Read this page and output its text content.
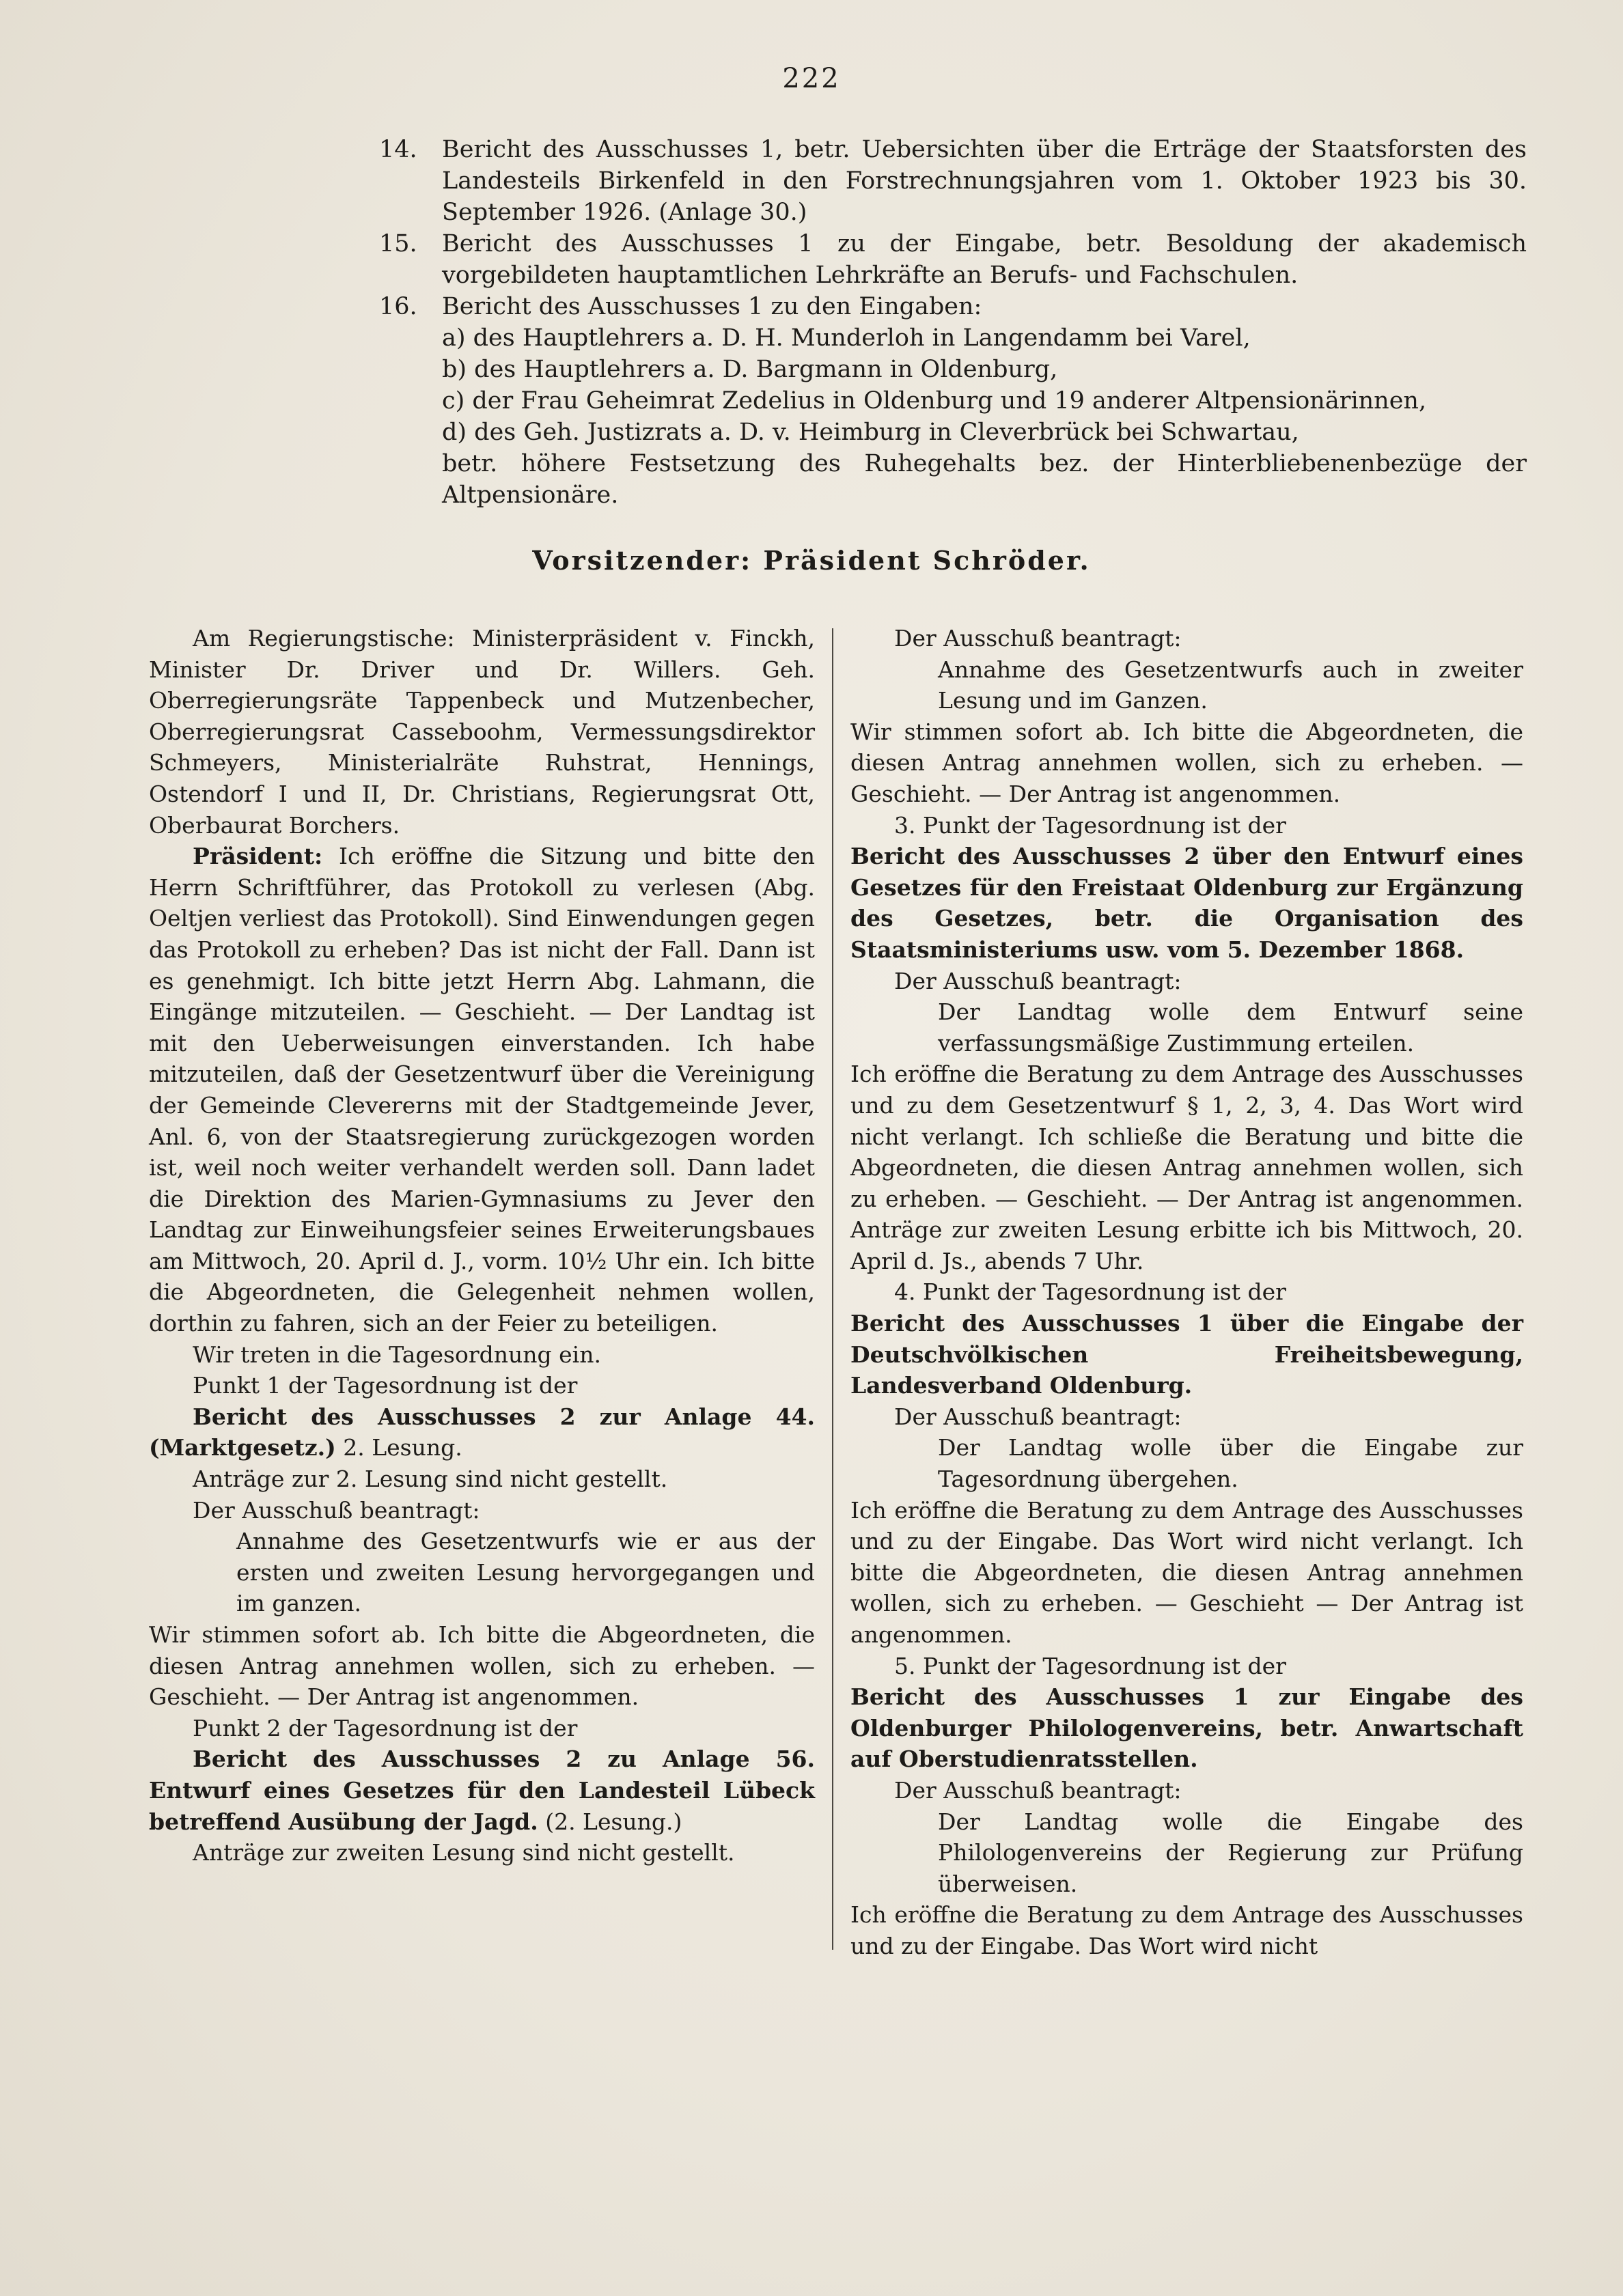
222
14.	Bericht des Ausschusses 1, betr. Uebersichten über die Erträge der Staatsforsten des Landesteils Birkenfeld in den Forstrechnungsjahren vom 1. Oktober 1923 bis 30. September 1926. (Anlage 30.)
15.	Bericht des Ausschusses 1 zu der Eingabe, betr. Besoldung der akademisch vorgebildeten hauptamtlichen Lehrkräfte an Berufs- und Fachschulen.
16.	Bericht des Ausschusses 1 zu den Eingaben:
a) des Hauptlehrers a. D. H. Munderloh in Langendamm bei Varel,
b) des Hauptlehrers a. D. Bargmann in Oldenburg,
c) der Frau Geheimrat Zedelius in Oldenburg und 19 anderer Altpensionärinnen,
d) des Geh. Justizrats a. D. v. Heimburg in Cleverbrück bei Schwartau,
betr. höhere Festsetzung des Ruhegehalts bez. der Hinterbliebenenbezüge der Altpensionäre.
Vorsitzender: Präsident Schröder.

Am Regierungstische: Ministerpräsident v. Finckh, Minister Dr. Driver und Dr. Willers. Geh. Oberregierungsräte Tappenbeck und Mutzenbecher, Oberregierungsrat Casseboohm, Vermessungsdirektor Schmeyers, Ministerialräte Ruhstrat, Hennings, Ostendorf I und II, Dr. Christians, Regierungsrat Ott, Oberbaurat Borchers.

Präsident: Ich eröffne die Sitzung und bitte den Herrn Schriftführer, das Protokoll zu verlesen (Abg. Oeltjen verliest das Protokoll). Sind Einwendungen gegen das Protokoll zu erheben? Das ist nicht der Fall. Dann ist es genehmigt. Ich bitte jetzt Herrn Abg. Lahmann, die Eingänge mitzuteilen. — Geschieht. — Der Landtag ist mit den Ueberweisungen einverstanden. Ich habe mitzuteilen, daß der Gesetzentwurf über die Vereinigung der Gemeinde Clevererns mit der Stadtgemeinde Jever, Anl. 6, von der Staatsregierung zurückgezogen worden ist, weil noch weiter verhandelt werden soll. Dann ladet die Direktion des Marien-Gymnasiums zu Jever den Landtag zur Einweihungsfeier seines Erweiterungsbaues am Mittwoch, 20. April d. J., vorm. 10½ Uhr ein. Ich bitte die Abgeordneten, die Gelegenheit nehmen wollen, dorthin zu fahren, sich an der Feier zu beteiligen.

Wir treten in die Tagesordnung ein.

Punkt 1 der Tagesordnung ist der

Bericht des Ausschusses 2 zur Anlage 44. (Marktgesetz.) 2. Lesung.

Anträge zur 2. Lesung sind nicht gestellt.

Der Ausschuß beantragt:

Annahme des Gesetzentwurfs wie er aus der ersten und zweiten Lesung hervorgegangen und im ganzen.

Wir stimmen sofort ab. Ich bitte die Abgeordneten, die diesen Antrag annehmen wollen, sich zu erheben. — Geschieht. — Der Antrag ist angenommen.

Punkt 2 der Tagesordnung ist der

Bericht des Ausschusses 2 zu Anlage 56. Entwurf eines Gesetzes für den Landesteil Lübeck betreffend Ausübung der Jagd. (2. Lesung.)

Anträge zur zweiten Lesung sind nicht gestellt.

Der Ausschuß beantragt:

Annahme des Gesetzentwurfs auch in zweiter Lesung und im Ganzen.

Wir stimmen sofort ab. Ich bitte die Abgeordneten, die diesen Antrag annehmen wollen, sich zu erheben. — Geschieht. — Der Antrag ist angenommen.

3. Punkt der Tagesordnung ist der

Bericht des Ausschusses 2 über den Entwurf eines Gesetzes für den Freistaat Oldenburg zur Ergänzung des Gesetzes, betr. die Organisation des Staatsministeriums usw. vom 5. Dezember 1868.

Der Ausschuß beantragt:

Der Landtag wolle dem Entwurf seine verfassungsmäßige Zustimmung erteilen.

Ich eröffne die Beratung zu dem Antrage des Ausschusses und zu dem Gesetzentwurf § 1, 2, 3, 4. Das Wort wird nicht verlangt. Ich schließe die Beratung und bitte die Abgeordneten, die diesen Antrag annehmen wollen, sich zu erheben. — Geschieht. — Der Antrag ist angenommen. Anträge zur zweiten Lesung erbitte ich bis Mittwoch, 20. April d. Js., abends 7 Uhr.

4. Punkt der Tagesordnung ist der

Bericht des Ausschusses 1 über die Eingabe der Deutschvölkischen Freiheitsbewegung, Landesverband Oldenburg.

Der Ausschuß beantragt:

Der Landtag wolle über die Eingabe zur Tagesordnung übergehen.

Ich eröffne die Beratung zu dem Antrage des Ausschusses und zu der Eingabe. Das Wort wird nicht verlangt. Ich bitte die Abgeordneten, die diesen Antrag annehmen wollen, sich zu erheben. — Geschieht — Der Antrag ist angenommen.

5. Punkt der Tagesordnung ist der

Bericht des Ausschusses 1 zur Eingabe des Oldenburger Philologenvereins, betr. Anwartschaft auf Oberstudienratsstellen.

Der Ausschuß beantragt:

Der Landtag wolle die Eingabe des Philologenvereins der Regierung zur Prüfung überweisen.

Ich eröffne die Beratung zu dem Antrage des Ausschusses und zu der Eingabe. Das Wort wird nicht
